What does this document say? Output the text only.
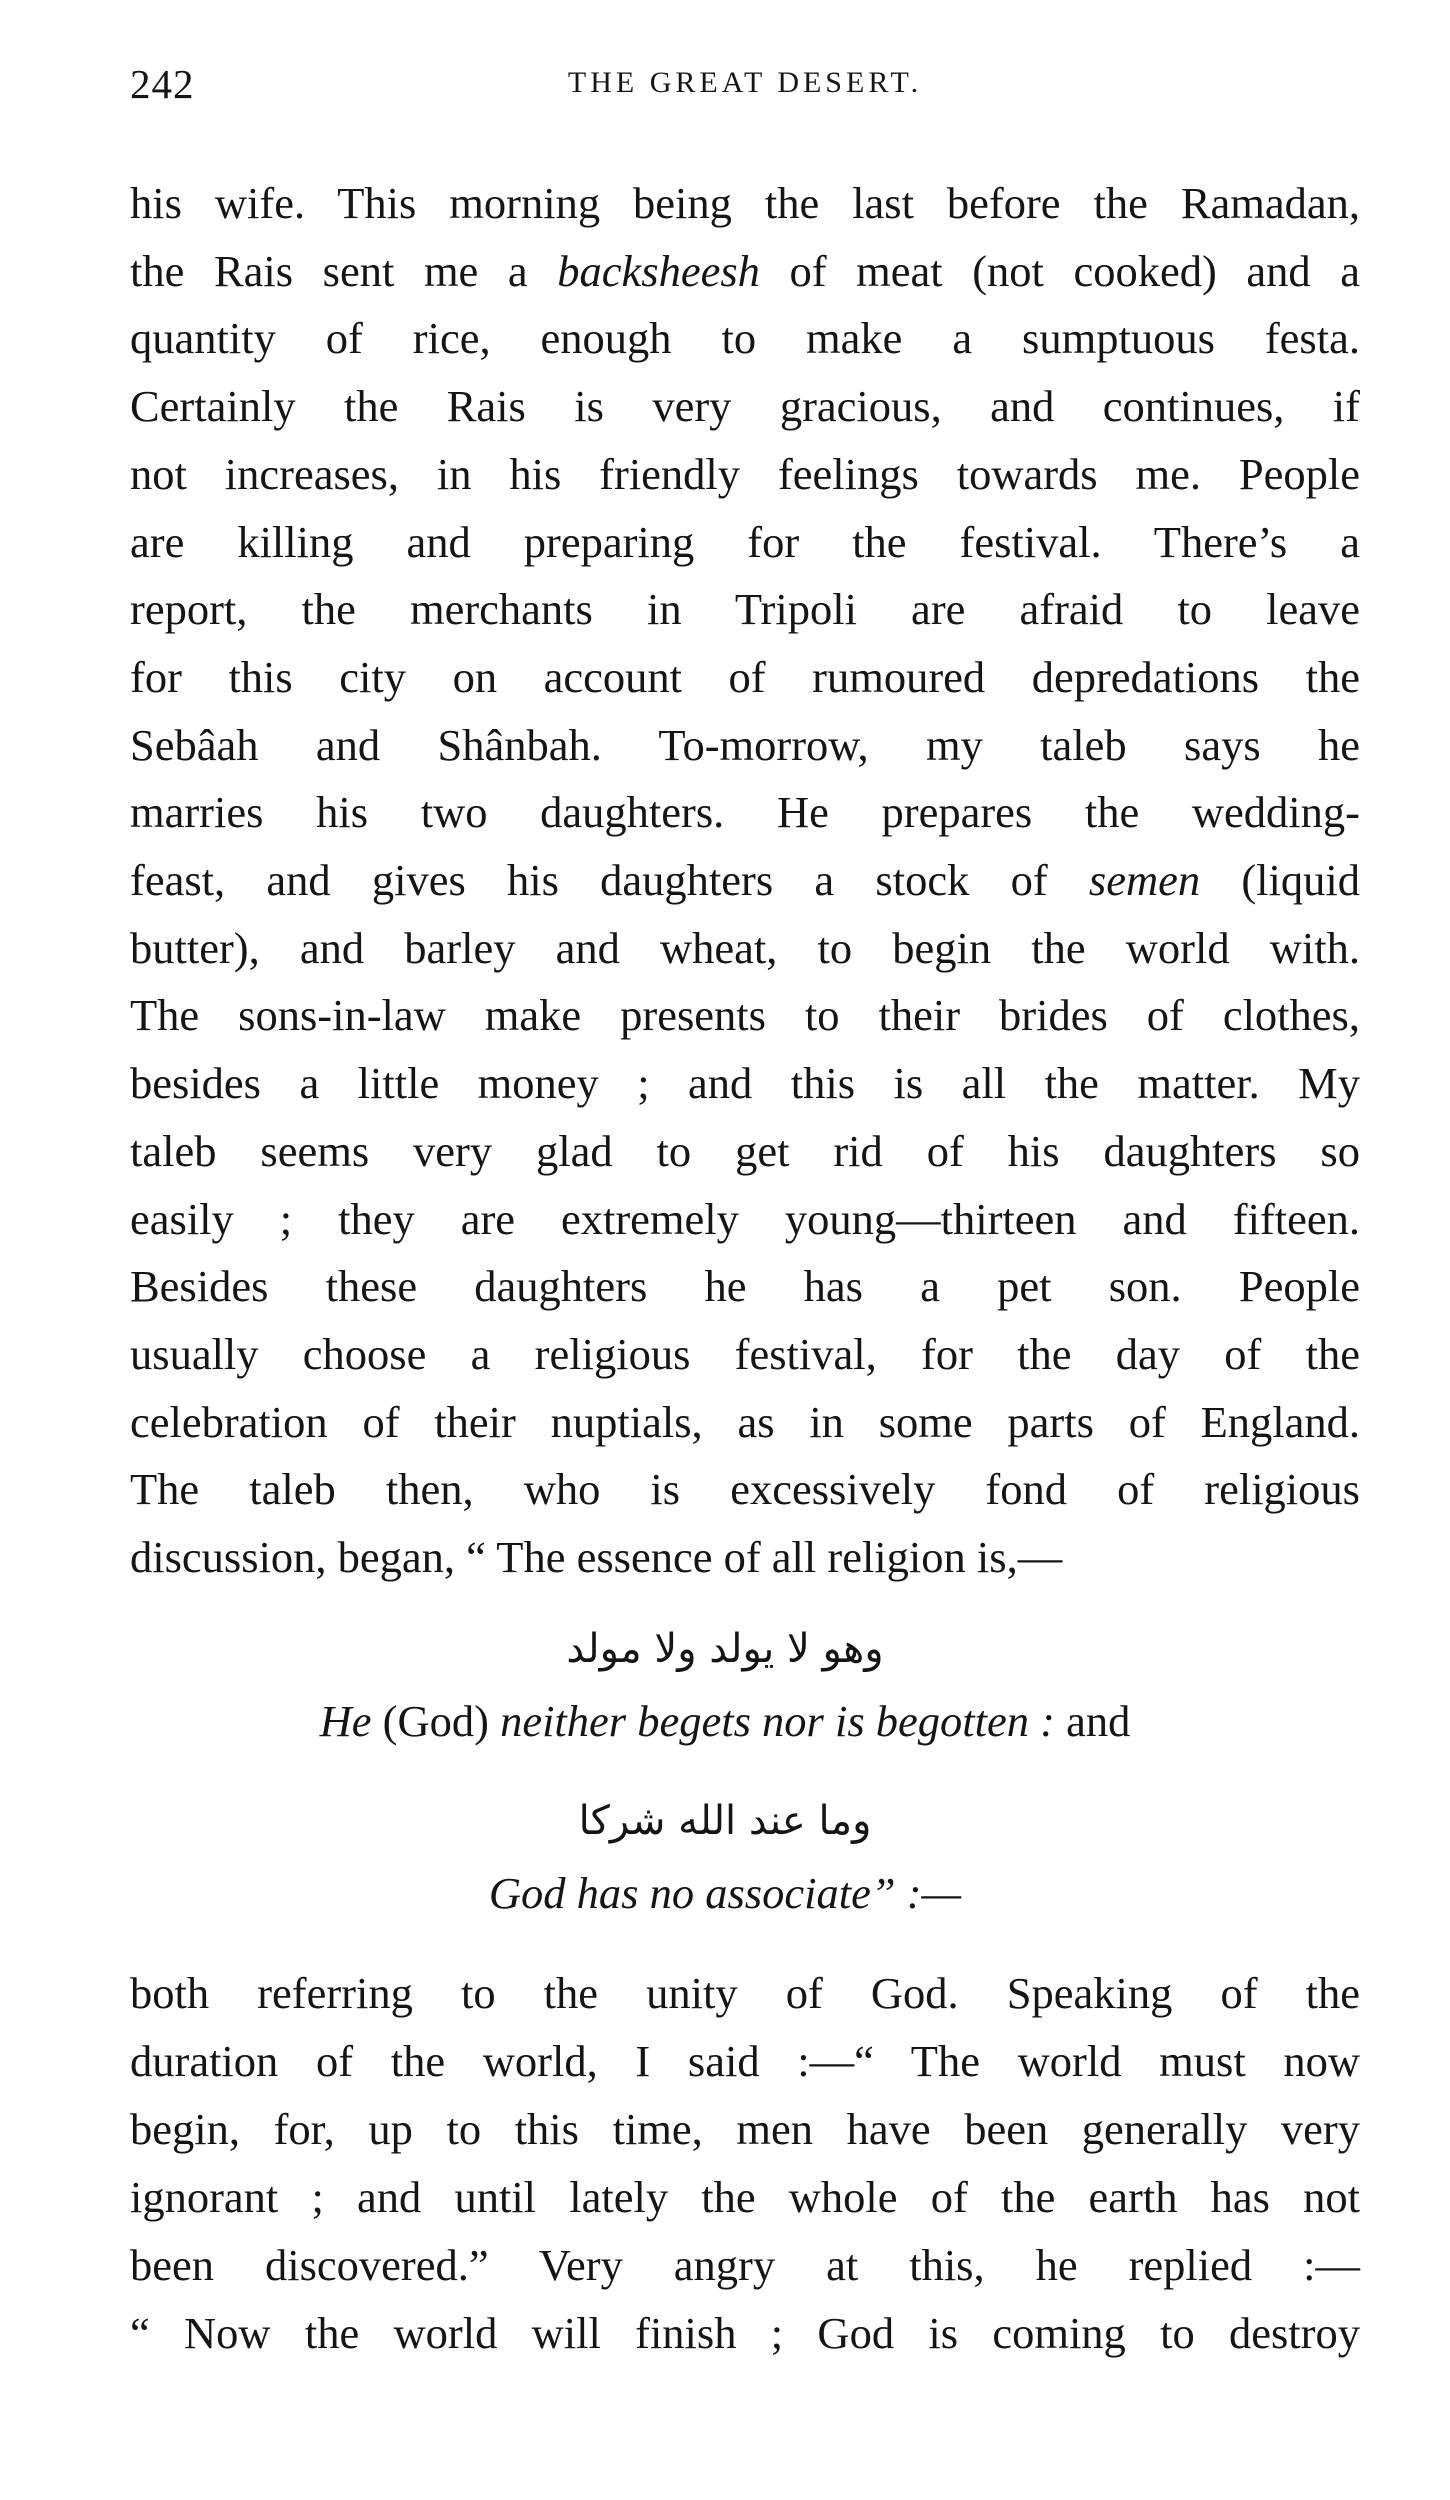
242	THE GREAT DESERT.
his wife. This morning being the last before the Ramadan,
the Rais sent me a backsheesh of meat (not cooked) and a
quantity of rice, enough to make a sumptuous festa.
Certainly the Rais is very gracious, and continues, if
not increases, in his friendly feelings towards me. People
are killing and preparing for the festival. There’s a
report, the merchants in Tripoli are afraid to leave
for this city on account of rumoured depredations the
Sebâah and Shânbah. To-morrow, my taleb says he
marries his two daughters. He prepares the wedding-
feast, and gives his daughters a stock of semen (liquid
butter), and barley and wheat, to begin the world with.
The sons-in-law make presents to their brides of clothes,
besides a little money ; and this is all the matter. My
taleb seems very glad to get rid of his daughters so
easily ; they are extremely young—thirteen and fifteen.
Besides these daughters he has a pet son. People
usually choose a religious festival, for the day of the
celebration of their nuptials, as in some parts of England.
The taleb then, who is excessively fond of religious
discussion, began, “ The essence of all religion is,—
وهو لا يولد ولا مولد
He (God) neither begets nor is begotten : and
وما عند الله شركا
God has no associate” :—
both referring to the unity of God. Speaking of the
duration of the world, I said :—“ The world must now
begin, for, up to this time, men have been generally very
ignorant ; and until lately the whole of the earth has not
been discovered.” Very angry at this, he replied :—
“ Now the world will finish ; God is coming to destroy
